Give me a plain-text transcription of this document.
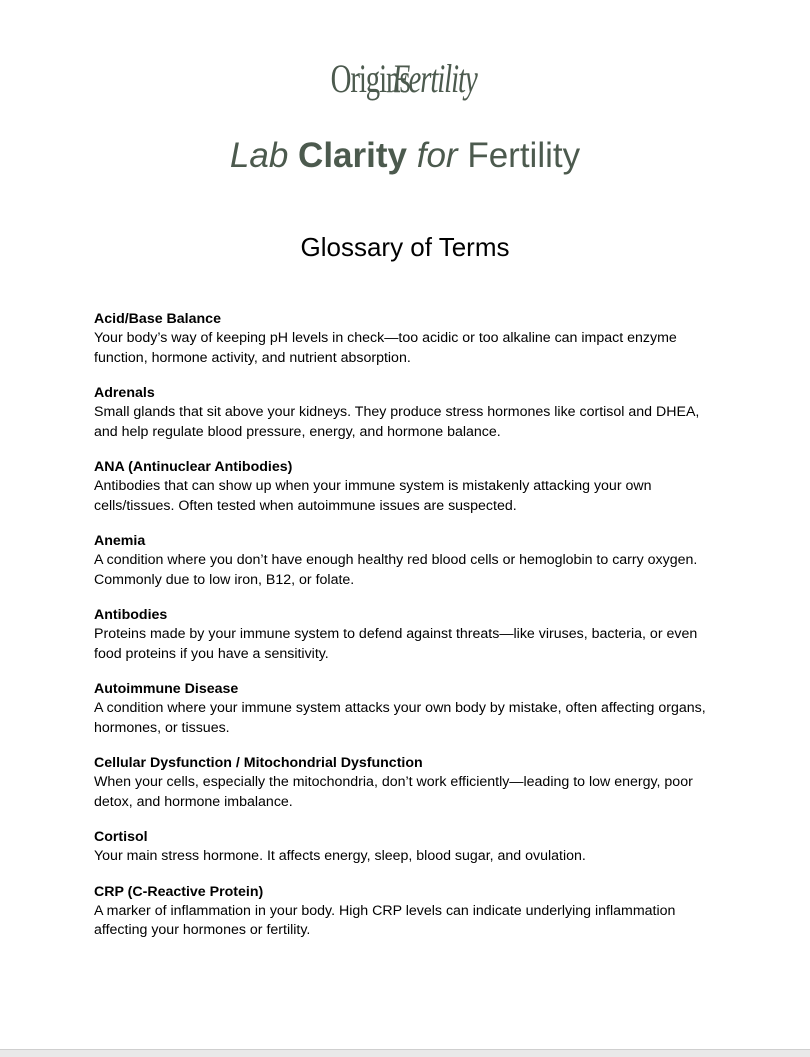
OriginsFertility
Lab Clarity for Fertility
Glossary of Terms
Acid/Base Balance
Your body’s way of keeping pH levels in check—too acidic or too alkaline can impact enzyme function, hormone activity, and nutrient absorption.
Adrenals
Small glands that sit above your kidneys. They produce stress hormones like cortisol and DHEA, and help regulate blood pressure, energy, and hormone balance.
ANA (Antinuclear Antibodies)
Antibodies that can show up when your immune system is mistakenly attacking your own cells/tissues. Often tested when autoimmune issues are suspected.
Anemia
A condition where you don’t have enough healthy red blood cells or hemoglobin to carry oxygen. Commonly due to low iron, B12, or folate.
Antibodies
Proteins made by your immune system to defend against threats—like viruses, bacteria, or even food proteins if you have a sensitivity.
Autoimmune Disease
A condition where your immune system attacks your own body by mistake, often affecting organs, hormones, or tissues.
Cellular Dysfunction / Mitochondrial Dysfunction
When your cells, especially the mitochondria, don’t work efficiently—leading to low energy, poor detox, and hormone imbalance.
Cortisol
Your main stress hormone. It affects energy, sleep, blood sugar, and ovulation.
CRP (C-Reactive Protein)
A marker of inflammation in your body. High CRP levels can indicate underlying inflammation affecting your hormones or fertility.
